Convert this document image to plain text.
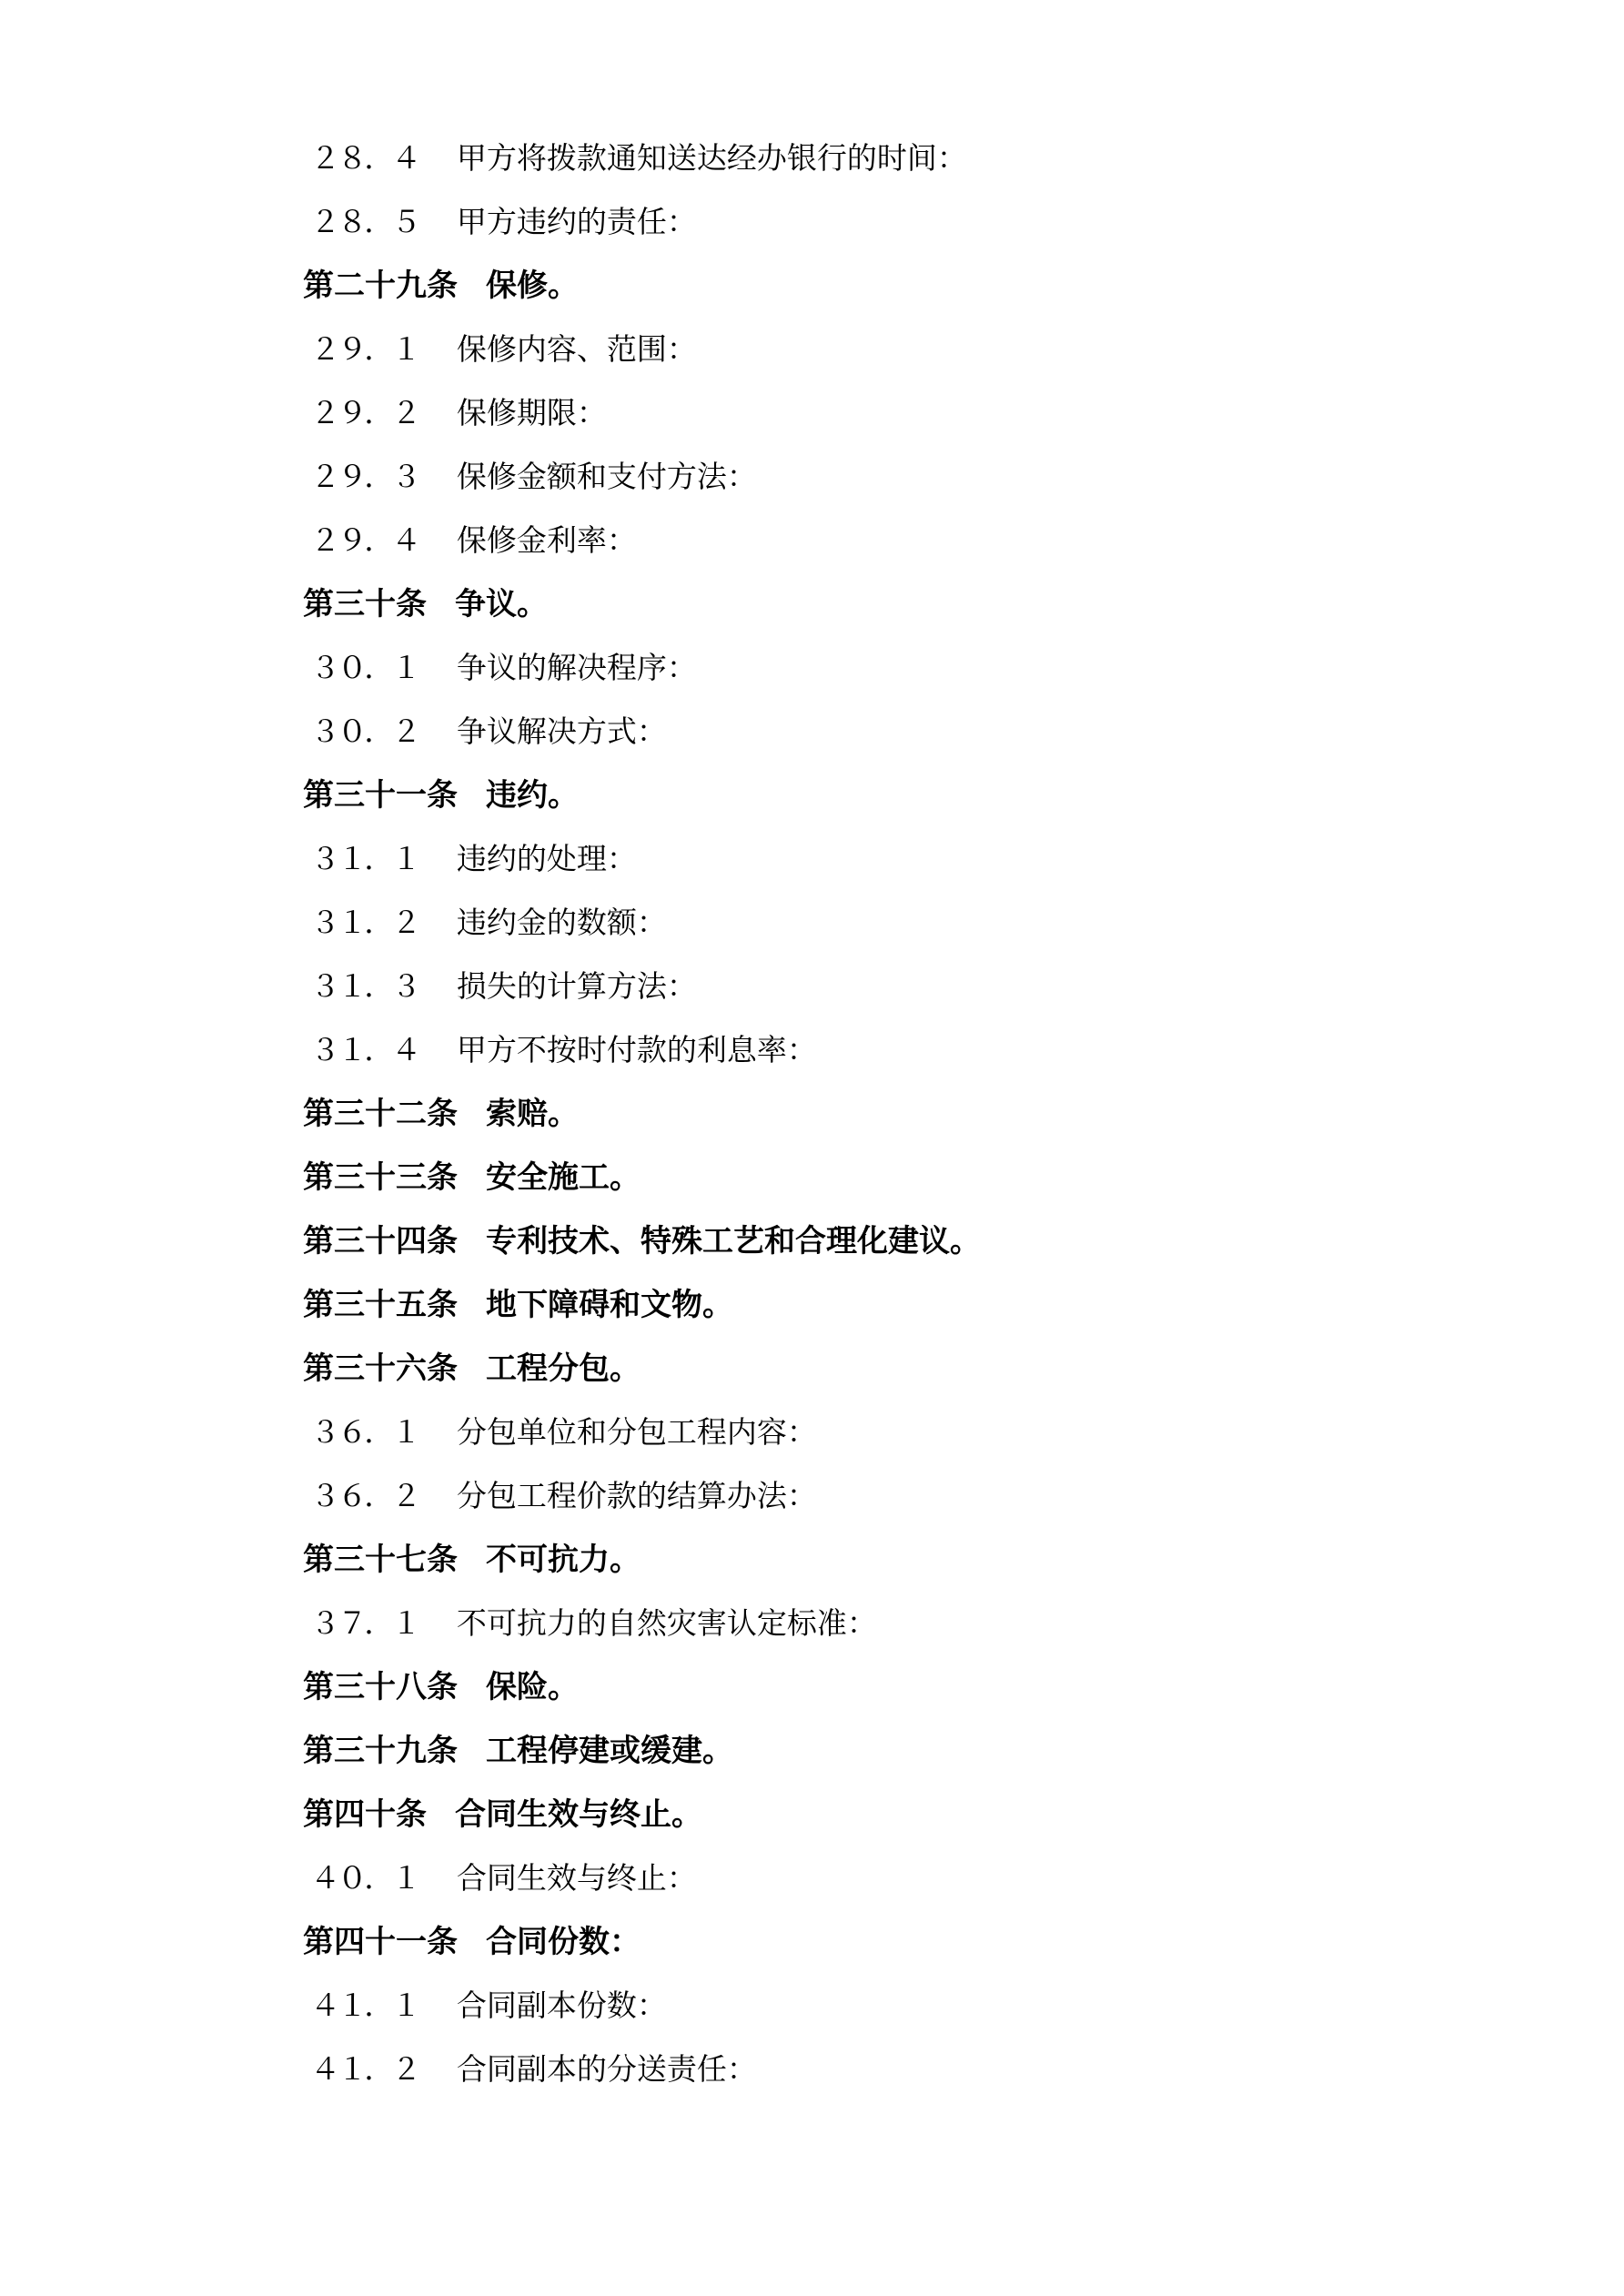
２８．４ 甲方将拨款通知送达经办银行的时间：

２８．５ 甲方违约的责任：

第二十九条 保修。

２９．１ 保修内容、范围：

２９．２ 保修期限：

２９．３ 保修金额和支付方法：

２９．４ 保修金利率：

第三十条 争议。

３０．１ 争议的解决程序：

３０．２ 争议解决方式：

第三十一条 违约。

３１．１ 违约的处理：

３１．２ 违约金的数额：

３１．３ 损失的计算方法：

３１．４ 甲方不按时付款的利息率：

第三十二条 索赔。

第三十三条 安全施工。

第三十四条 专利技术、特殊工艺和合理化建议。

第三十五条 地下障碍和文物。

第三十六条 工程分包。

３６．１ 分包单位和分包工程内容：

３６．２ 分包工程价款的结算办法：

第三十七条 不可抗力。

３７．１ 不可抗力的自然灾害认定标准：

第三十八条 保险。

第三十九条 工程停建或缓建。

第四十条 合同生效与终止。

４０．１ 合同生效与终止：

第四十一条 合同份数：

４１．１ 合同副本份数：

４１．２ 合同副本的分送责任：
